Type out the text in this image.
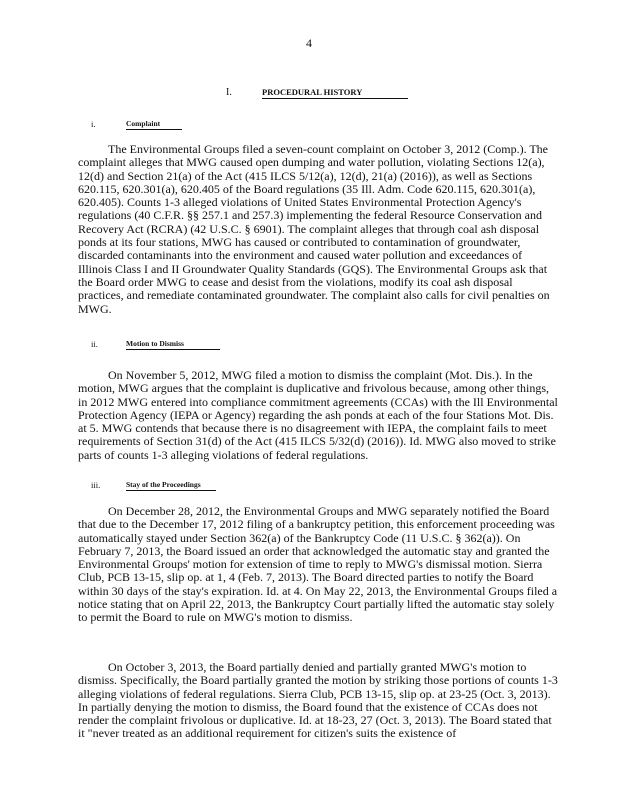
4
I.	PROCEDURAL HISTORY
i.	Complaint

The Environmental Groups filed a seven-count complaint on October 3, 2012 (Comp.). The complaint alleges that MWG caused open dumping and water pollution, violating Sections 12(a), 12(d) and Section 21(a) of the Act (415 ILCS 5/12(a), 12(d), 21(a) (2016)), as well as Sections 620.115, 620.301(a), 620.405 of the Board regulations (35 Ill. Adm. Code 620.115, 620.301(a), 620.405). Counts 1-3 alleged violations of United States Environmental Protection Agency's regulations (40 C.F.R. §§ 257.1 and 257.3) implementing the federal Resource Conservation and Recovery Act (RCRA) (42 U.S.C. § 6901). The complaint alleges that through coal ash disposal ponds at its four stations, MWG has caused or contributed to contamination of groundwater, discarded contaminants into the environment and caused water pollution and exceedances of Illinois Class I and II Groundwater Quality Standards (GQS). The Environmental Groups ask that the Board order MWG to cease and desist from the violations, modify its coal ash disposal practices, and remediate contaminated groundwater. The complaint also calls for civil penalties on MWG.

ii.	Motion to Dismiss

On November 5, 2012, MWG filed a motion to dismiss the complaint (Mot. Dis.). In the motion, MWG argues that the complaint is duplicative and frivolous because, among other things, in 2012 MWG entered into compliance commitment agreements (CCAs) with the Ill Environmental Protection Agency (IEPA or Agency) regarding the ash ponds at each of the four Stations Mot. Dis. at 5. MWG contends that because there is no disagreement with IEPA, the complaint fails to meet requirements of Section 31(d) of the Act (415 ILCS 5/32(d) (2016)). Id. MWG also moved to strike parts of counts 1-3 alleging violations of federal regulations.

iii.	Stay of the Proceedings

On December 28, 2012, the Environmental Groups and MWG separately notified the Board that due to the December 17, 2012 filing of a bankruptcy petition, this enforcement proceeding was automatically stayed under Section 362(a) of the Bankruptcy Code (11 U.S.C. § 362(a)). On February 7, 2013, the Board issued an order that acknowledged the automatic stay and granted the Environmental Groups' motion for extension of time to reply to MWG's dismissal motion. Sierra Club, PCB 13-15, slip op. at 1, 4 (Feb. 7, 2013). The Board directed parties to notify the Board within 30 days of the stay's expiration. Id. at 4. On May 22, 2013, the Environmental Groups filed a notice stating that on April 22, 2013, the Bankruptcy Court partially lifted the automatic stay solely to permit the Board to rule on MWG's motion to dismiss.

On October 3, 2013, the Board partially denied and partially granted MWG's motion to dismiss. Specifically, the Board partially granted the motion by striking those portions of counts 1-3 alleging violations of federal regulations. Sierra Club, PCB 13-15, slip op. at 23-25 (Oct. 3, 2013). In partially denying the motion to dismiss, the Board found that the existence of CCAs does not render the complaint frivolous or duplicative. Id. at 18-23, 27 (Oct. 3, 2013). The Board stated that it "never treated as an additional requirement for citizen's suits the existence of
